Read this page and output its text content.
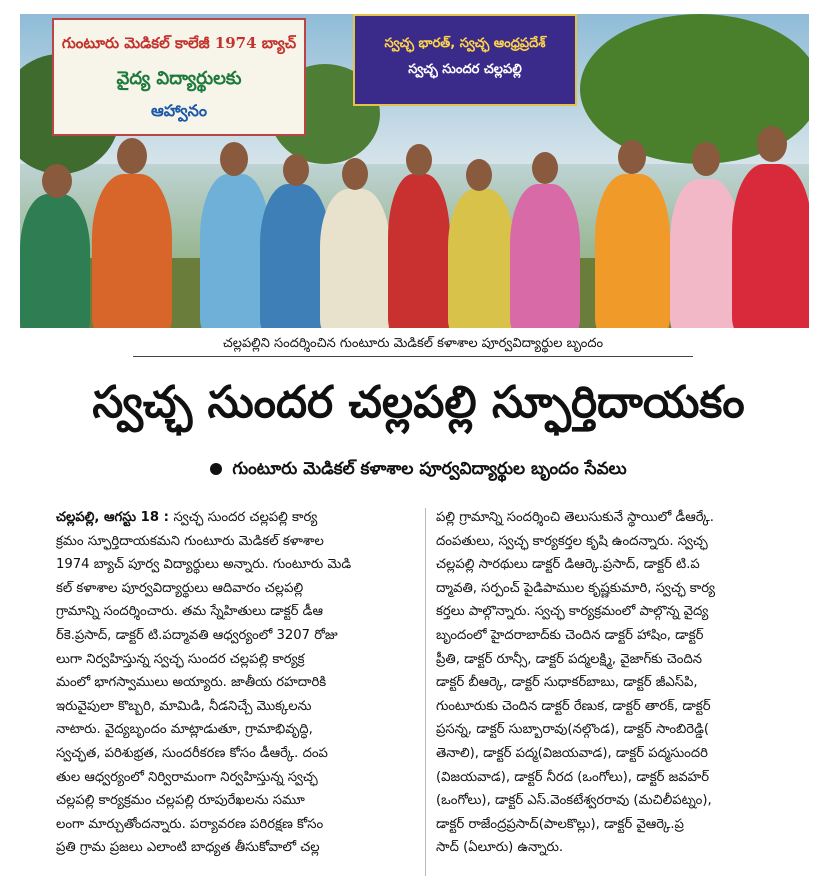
గుంటూరు మెడికల్ కాలేజీ 1974 బ్యాచ్
వైద్య విద్యార్థులకు
ఆహ్వానం
స్వచ్ఛ భారత్, స్వచ్ఛ ఆంధ్రప్రదేశ్
స్వచ్ఛ సుందర చల్లపల్లి
చల్లపల్లిని సందర్శించిన గుంటూరు మెడికల్ కళాశాల పూర్వవిద్యార్థుల బృందం
స్వచ్ఛ సుందర చల్లపల్లి స్ఫూర్తిదాయకం
గుంటూరు మెడికల్ కళాశాల పూర్వవిద్యార్థుల బృందం సేవలు
చల్లపల్లి, ఆగస్టు 18 : స్వచ్ఛ సుందర చల్లపల్లి కార్య
క్రమం స్ఫూర్తిదాయకమని గుంటూరు మెడికల్ కళాశాల
1974 బ్యాచ్ పూర్వ విద్యార్థులు అన్నారు. గుంటూరు మెడి
కల్ కళాశాల పూర్వవిద్యార్థులు ఆదివారం చల్లపల్లి
గ్రామాన్ని సందర్శించారు. తమ స్నేహితులు డాక్టర్ డీఆ
ర్‌కె.ప్రసాద్, డాక్టర్ టి.పద్మావతి ఆధ్వర్యంలో 3207 రోజు
లుగా నిర్వహిస్తున్న స్వచ్ఛ సుందర చల్లపల్లి కార్యక్ర
మంలో భాగస్వాములు అయ్యారు. జాతీయ రహదారికి
ఇరువైపులా కొబ్బరి, మామిడి, నీడనిచ్చే మొక్కలను
నాటారు. వైద్యబృందం మాట్లాడుతూ, గ్రామాభివృద్ధి,
స్వచ్ఛత, పరిశుభ్రత, సుందరీకరణ కోసం డీఆర్కే. దంప
తుల ఆధ్వర్యంలో నిర్విరామంగా నిర్వహిస్తున్న స్వచ్ఛ
చల్లపల్లి కార్యక్రమం చల్లపల్లి రూపురేఖలను సమూ
లంగా మార్చుతోందన్నారు. పర్యావరణ పరిరక్షణ కోసం
ప్రతి గ్రామ ప్రజలు ఎలాంటి బాధ్యత తీసుకోవాలో చల్ల
పల్లి గ్రామాన్ని సందర్శించి తెలుసుకునే స్థాయిలో డీఆర్కే.
దంపతులు, స్వచ్ఛ కార్యకర్తల కృషి ఉందన్నారు. స్వచ్ఛ
చల్లపల్లి సారథులు డాక్టర్ డిఆర్కె.ప్రసాద్, డాక్టర్ టి.ప
ద్మావతి, సర్పంచ్ పైడిపాముల కృష్ణకుమారి, స్వచ్ఛ కార్య
కర్తలు పాల్గొన్నారు. స్వచ్ఛ కార్యక్రమంలో పాల్గొన్న వైద్య
బృందంలో హైదరాబాద్‌కు చెందిన డాక్టర్ హాషిం, డాక్టర్
ప్రీతి, డాక్టర్ రూన్సీ, డాక్టర్ పద్మలక్ష్మి, వైజాగ్‌కు చెందిన
డాక్టర్ బీఆర్కె, డాక్టర్ సుధాకర్‌బాబు, డాక్టర్ జీఎస్‌పి,
గుంటూరుకు చెందిన డాక్టర్ రేణుక, డాక్టర్ తారక్, డాక్టర్
ప్రసన్న, డాక్టర్ సుబ్బారావు(నల్గొండ), డాక్టర్ సాంబిరెడ్డి(
తెనాలి), డాక్టర్ పద్మ(విజయవాడ), డాక్టర్ పద్మసుందరి
(విజయవాడ), డాక్టర్ నీరద (ఒంగోలు), డాక్టర్ జవహర్
(ఒంగోలు), డాక్టర్ ఎస్.వెంకటేశ్వరరావు (మచిలీపట్నం),
డాక్టర్ రాజేంద్రప్రసాద్(పాలకొల్లు), డాక్టర్ వైఆర్కె.ప్ర
సాద్ (ఏలూరు) ఉన్నారు.
